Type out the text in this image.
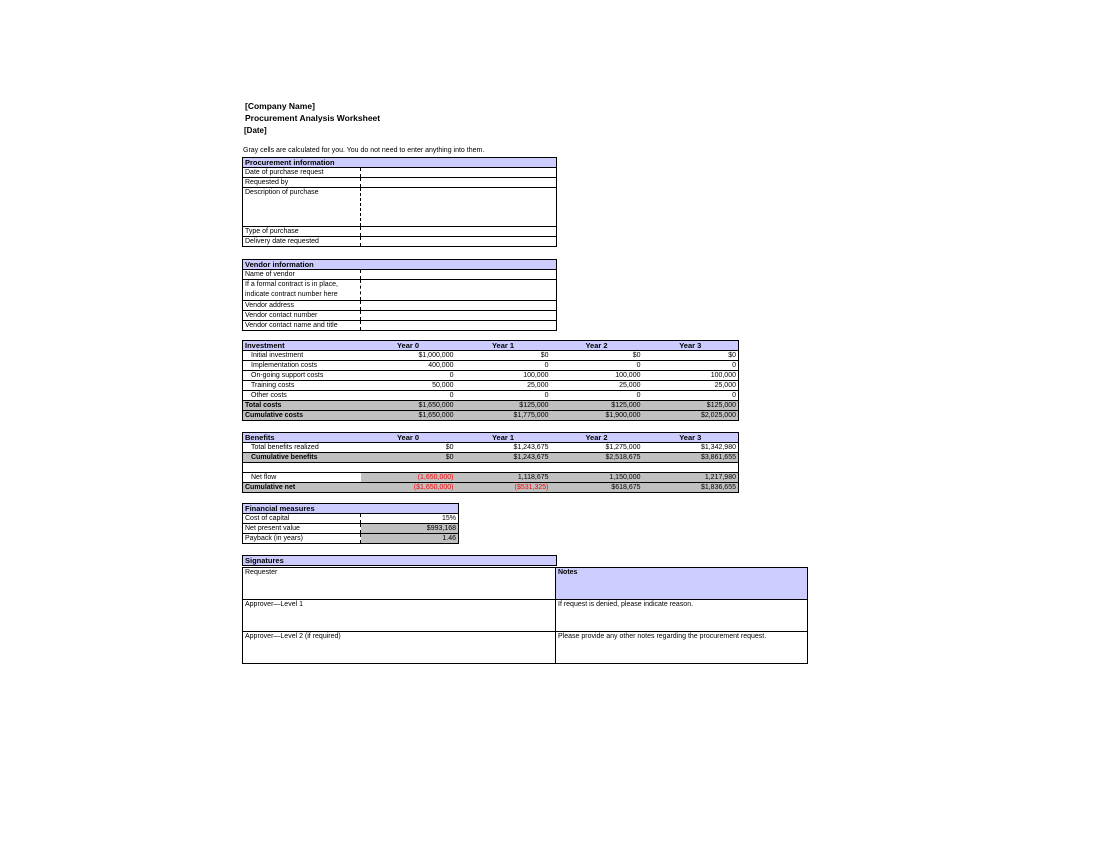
[Company Name]
Procurement Analysis Worksheet
[Date]
Gray cells are calculated for you. You do not need to enter anything into them.
Procurement information	
Date of purchase request	
Requested by	
Description of purchase	
Type of purchase	
Delivery date requested	
Vendor information	
Name of vendor	
If a formal contract is in place, indicate contract number here	
Vendor address	
Vendor contact number	
Vendor contact name and title	
Investment	Year 0	Year 1	Year 2	Year 3
Initial investment	$1,000,000	$0	$0	$0
Implementation costs	400,000	0	0	0
On-going support costs	0	100,000	100,000	100,000
Training costs	50,000	25,000	25,000	25,000
Other costs	0	0	0	0
Total costs	$1,650,000	$125,000	$125,000	$125,000
Cumulative costs	$1,650,000	$1,775,000	$1,900,000	$2,025,000
Benefits	Year 0	Year 1	Year 2	Year 3
Total benefits realized	$0	$1,243,675	$1,275,000	$1,342,980
Cumulative benefits	$0	$1,243,675	$2,518,675	$3,861,655

Net flow	(1,650,000)	1,118,675	1,150,000	1,217,980
Cumulative net	($1,650,000)	($531,325)	$618,675	$1,836,655
Financial measures	
Cost of capital	15%
Net present value	$993,168
Payback (in years)	1.46
Signatures	
Requester	Notes
Approver—Level 1	If request is denied, please indicate reason.
Approver—Level 2 (if required)	Please provide any other notes regarding the procurement request.
